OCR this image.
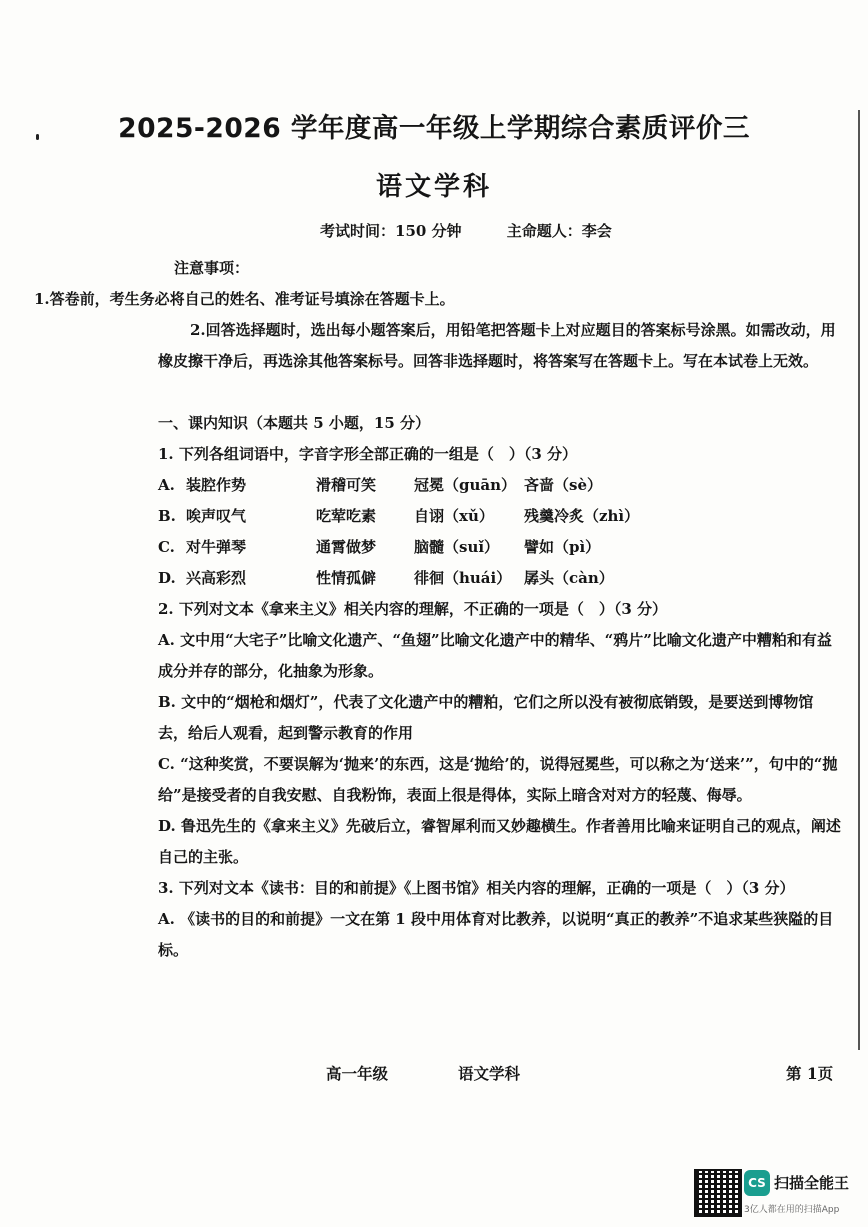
2025-2026 学年度高一年级上学期综合素质评价三
语文学科
考试时间：150 分钟	主命题人：李会

注意事项：

1.答卷前，考生务必将自己的姓名、准考证号填涂在答题卡上。

2.回答选择题时，选出每小题答案后，用铅笔把答题卡上对应题目的答案标号涂黑。如需改动，用橡皮擦干净后，再选涂其他答案标号。回答非选择题时，将答案写在答题卡上。写在本试卷上无效。

一、课内知识（本题共 5 小题，15 分）

1. 下列各组词语中，字音字形全部正确的一组是（　）（3 分）

A. 装腔作势	滑稽可笑	冠冕（guān） 吝啬（sè）
B. 唉声叹气	吃荤吃素	自诩（xǔ）	残羹冷炙（zhì）
C. 对牛弹琴	通霄做梦	脑髓（suǐ）	譬如（pì）
D. 兴高彩烈	性情孤僻	徘徊（huái） 孱头（càn）

2. 下列对文本《拿来主义》相关内容的理解，不正确的一项是（　）（3 分）

A. 文中用“大宅子”比喻文化遗产、“鱼翅”比喻文化遗产中的精华、“鸦片”比喻文化遗产中糟粕和有益成分并存的部分，化抽象为形象。

B. 文中的“烟枪和烟灯”，代表了文化遗产中的糟粕，它们之所以没有被彻底销毁，是要送到博物馆去，给后人观看，起到警示教育的作用

C. “这种奖赏，不要误解为‘抛来’的东西，这是‘抛给’的，说得冠冕些，可以称之为‘送来’”，句中的“抛给”是接受者的自我安慰、自我粉饰，表面上很是得体，实际上暗含对对方的轻蔑、侮辱。

D. 鲁迅先生的《拿来主义》先破后立，睿智犀利而又妙趣横生。作者善用比喻来证明自己的观点，阐述自己的主张。

3. 下列对文本《读书：目的和前提》《上图书馆》相关内容的理解，正确的一项是（　）（3 分）

A. 《读书的目的和前提》一文在第 1 段中用体育对比教养，以说明“真正的教养”不追求某些狭隘的目标。

高一年级	语文学科	第 1页
CS 扫描全能王
3亿人都在用的扫描App
